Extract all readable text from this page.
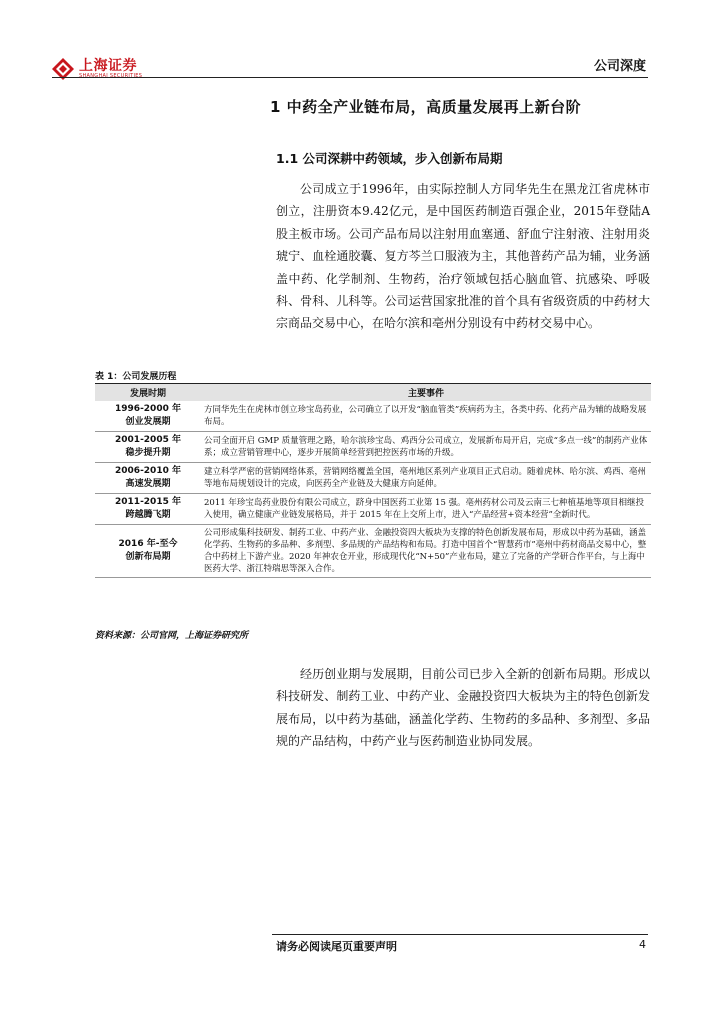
上海证券
SHANGHAI SECURITIES
公司深度
1 中药全产业链布局，高质量发展再上新台阶
1.1 公司深耕中药领域，步入创新布局期

公司成立于1996年，由实际控制人方同华先生在黑龙江省虎林市创立，注册资本9.42亿元，是中国医药制造百强企业，2015年登陆A股主板市场。公司产品布局以注射用血塞通、舒血宁注射液、注射用炎琥宁、血栓通胶囊、复方芩兰口服液为主，其他普药产品为辅，业务涵盖中药、化学制剂、生物药，治疗领域包括心脑血管、抗感染、呼吸科、骨科、儿科等。公司运营国家批准的首个具有省级资质的中药材大宗商品交易中心，在哈尔滨和亳州分别设有中药材交易中心。

表 1：公司发展历程
发展时期	主要事件

1996-2000 年
创业发展期	方同华先生在虎林市创立珍宝岛药业，公司确立了以开发“脑血管类”疾病药为主，各类中药、化药产品为辅的战略发展布局。

2001-2005 年
稳步提升期	公司全面开启 GMP 质量管理之路，哈尔滨珍宝岛、鸡西分公司成立，发展新布局开启，完成“多点一线”的制药产业体系；成立营销管理中心，逐步开展简单经营到把控医药市场的升级。

2006-2010 年
高速发展期	建立科学严密的营销网络体系，营销网络覆盖全国，亳州地区系列产业项目正式启动。随着虎林、哈尔滨、鸡西、亳州等地布局规划设计的完成，向医药全产业链及大健康方向延伸。

2011-2015 年
跨越腾飞期	2011 年珍宝岛药业股份有限公司成立，跻身中国医药工业第 15 强。亳州药材公司及云南三七种植基地等项目相继投入使用，确立健康产业链发展格局，并于 2015 年在上交所上市，进入“产品经营+资本经营”全新时代。

2016 年-至今
创新布局期	公司形成集科技研发、制药工业、中药产业、金融投资四大板块为支撑的特色创新发展布局，形成以中药为基础，涵盖化学药、生物药的多品种、多剂型、多品规的产品结构和布局。打造中国首个“智慧药市”亳州中药材商品交易中心，整合中药材上下游产业。2020 年神农仓开业，形成现代化“N+50”产业布局，建立了完备的产学研合作平台，与上海中医药大学、浙江特瑞思等深入合作。
资料来源：公司官网，上海证券研究所

经历创业期与发展期，目前公司已步入全新的创新布局期。形成以科技研发、制药工业、中药产业、金融投资四大板块为主的特色创新发展布局，以中药为基础，涵盖化学药、生物药的多品种、多剂型、多品规的产品结构，中药产业与医药制造业协同发展。

请务必阅读尾页重要声明	4
